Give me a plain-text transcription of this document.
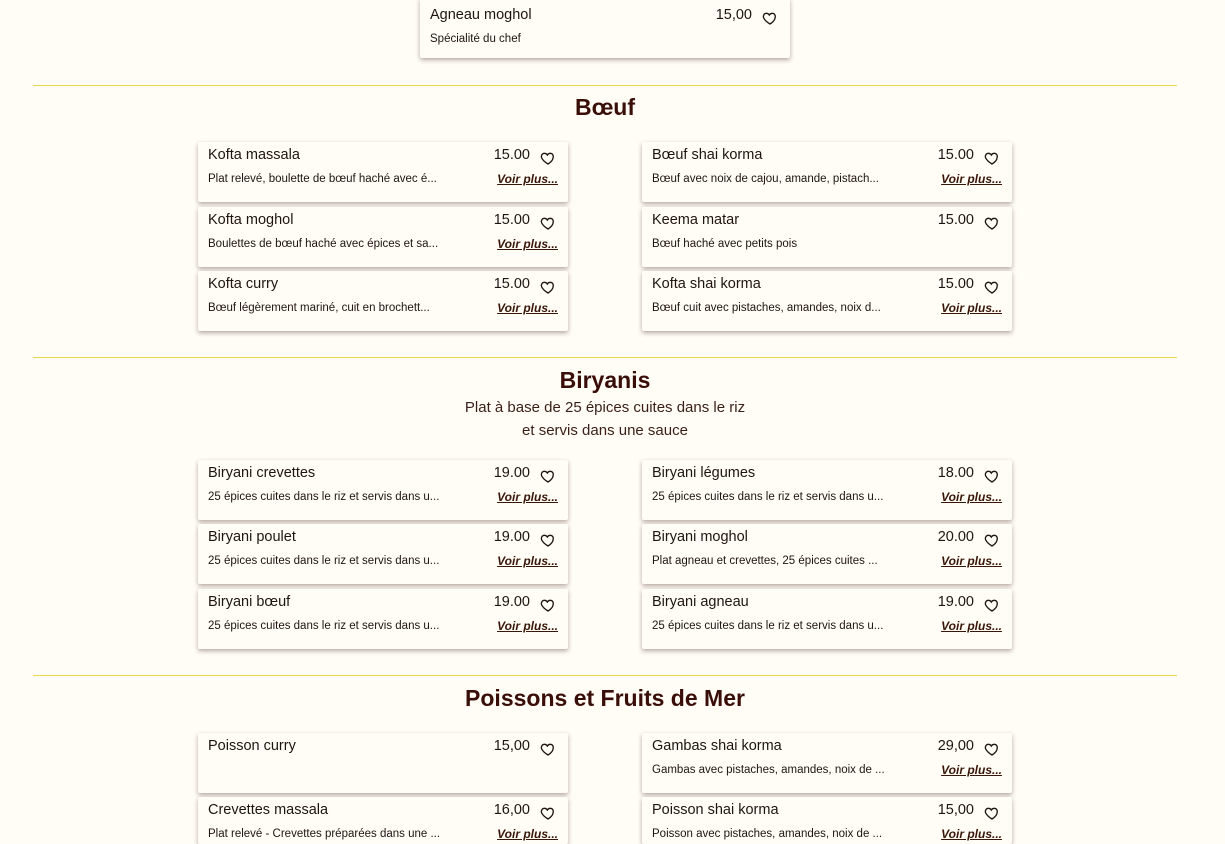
Agneau moghol	15,00
Spécialité du chef
Bœuf
Kofta massala	15.00
Plat relevé, boulette de bœuf haché avec é...	Voir plus...
Bœuf shai korma	15.00
Bœuf avec noix de cajou, amande, pistach...	Voir plus...
Kofta moghol	15.00
Boulettes de bœuf haché avec épices et sa...	Voir plus...
Keema matar	15.00
Bœuf haché avec petits pois
Kofta curry	15.00
Bœuf légèrement mariné, cuit en brochett...	Voir plus...
Kofta shai korma	15.00
Bœuf cuit avec pistaches, amandes, noix d...	Voir plus...
Biryanis
Plat à base de 25 épices cuites dans le riz
et servis dans une sauce
Biryani crevettes	19.00
25 épices cuites dans le riz et servis dans u...	Voir plus...
Biryani légumes	18.00
25 épices cuites dans le riz et servis dans u...	Voir plus...
Biryani poulet	19.00
25 épices cuites dans le riz et servis dans u...	Voir plus...
Biryani moghol	20.00
Plat agneau et crevettes, 25 épices cuites ...	Voir plus...
Biryani bœuf	19.00
25 épices cuites dans le riz et servis dans u...	Voir plus...
Biryani agneau	19.00
25 épices cuites dans le riz et servis dans u...	Voir plus...
Poissons et Fruits de Mer
Poisson curry	15,00	Gambas shai korma	29,00
Gambas avec pistaches, amandes, noix de ...	Voir plus...
Crevettes massala	16,00
Plat relevé - Crevettes préparées dans une ...	Voir plus...
Poisson shai korma	15,00
Poisson avec pistaches, amandes, noix de ...	Voir plus...
